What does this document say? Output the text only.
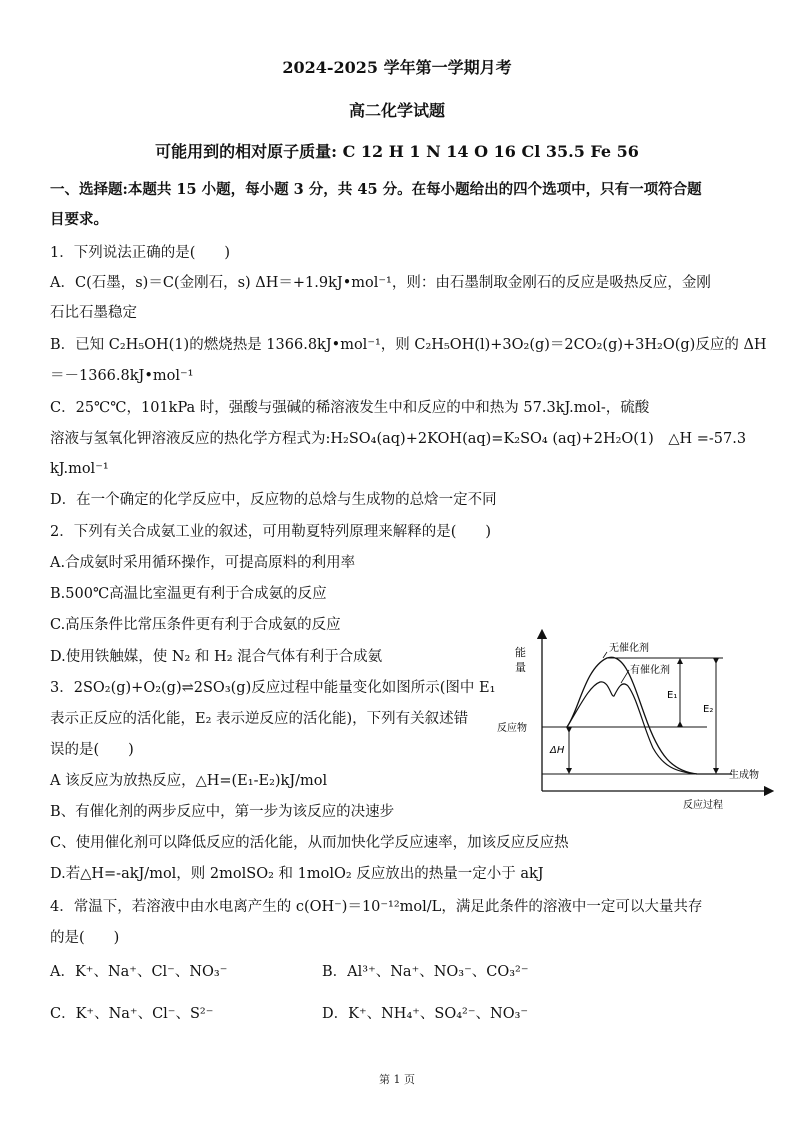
2024-2025 学年第一学期月考
高二化学试题
可能用到的相对原子质量: C 12 H 1 N 14 O 16 Cl 35.5 Fe 56
一、选择题:本题共 15 小题，每小题 3 分，共 45 分。在每小题给出的四个选项中，只有一项符合题
目要求。
1．下列说法正确的是(　　)
A．C(石墨，s)＝C(金刚石，s) ΔH＝+1.9kJ•mol⁻¹，则：由石墨制取金刚石的反应是吸热反应，金刚
石比石墨稳定
B．已知 C₂H₅OH(1)的燃烧热是 1366.8kJ•mol⁻¹，则 C₂H₅OH(l)+3O₂(g)＝2CO₂(g)+3H₂O(g)反应的 ΔH
＝－1366.8kJ•mol⁻¹
C．25℃℃，101kPa 时，强酸与强碱的稀溶液发生中和反应的中和热为 57.3kJ.mol-，硫酸
溶液与氢氧化钾溶液反应的热化学方程式为:H₂SO₄(aq)+2KOH(aq)=K₂SO₄ (aq)+2H₂O(1)　△H =-57.3
kJ.mol⁻¹
D．在一个确定的化学反应中，反应物的总焓与生成物的总焓一定不同
2．下列有关合成氨工业的叙述，可用勒夏特列原理来解释的是(　　)
A.合成氨时采用循环操作，可提高原料的利用率
B.500℃高温比室温更有利于合成氨的反应
C.高压条件比常压条件更有利于合成氨的反应
D.使用铁触媒，使 N₂ 和 H₂ 混合气体有利于合成氨
3．2SO₂(g)+O₂(g)⇌2SO₃(g)反应过程中能量变化如图所示(图中 E₁
表示正反应的活化能，E₂ 表示逆反应的活化能)，下列有关叙述错
误的是(　　)
A 该反应为放热反应，△H=(E₁-E₂)kJ/mol
B、有催化剂的两步反应中，第一步为该反应的决速步
C、使用催化剂可以降低反应的活化能，从而加快化学反应速率，加该反应反应热
D.若△H=-akJ/mol，则 2molSO₂ 和 1molO₂ 反应放出的热量一定小于 akJ
能
量
无催化剂
有催化剂
反应物
生成物
反应过程
E₁
E₂
ΔH
4．常温下，若溶液中由水电离产生的 c(OH⁻)＝10⁻¹²mol/L，满足此条件的溶液中一定可以大量共存
的是(　　)
A．K⁺、Na⁺、Cl⁻、NO₃⁻	B．Al³⁺、Na⁺、NO₃⁻、CO₃²⁻
C．K⁺、Na⁺、Cl⁻、S²⁻	D．K⁺、NH₄⁺、SO₄²⁻、NO₃⁻
第 1 页
